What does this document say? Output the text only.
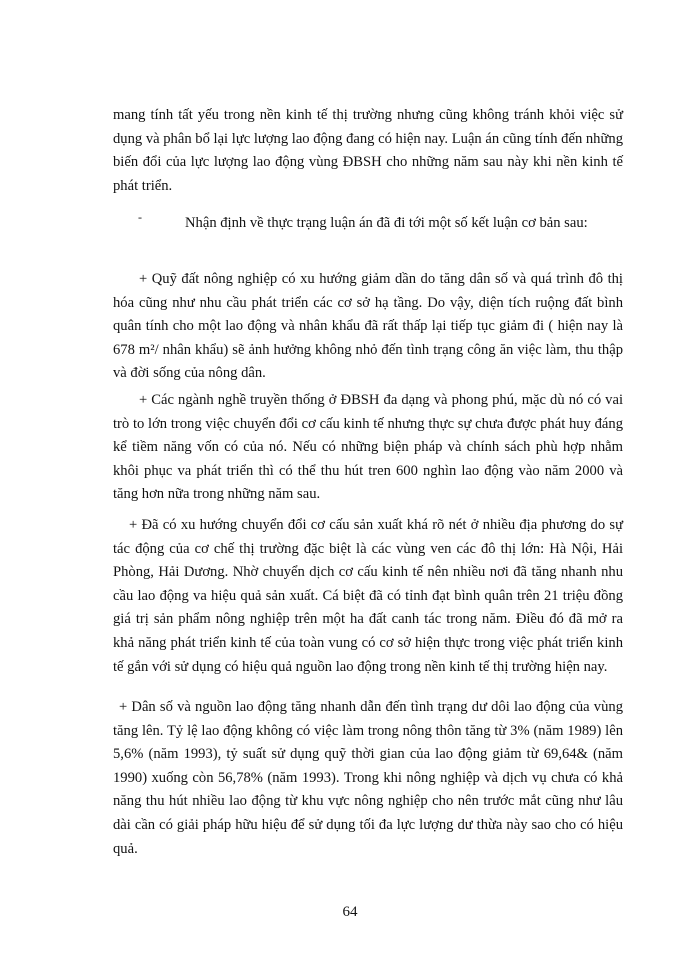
mang tính tất yếu trong nền kinh tế thị trường nhưng cũng không tránh khỏi việc sử dụng và phân bổ lại lực lượng lao động đang có hiện nay. Luận án cũng tính đến những biến đổi của lực lượng lao động vùng ĐBSH cho những năm sau này khi nền kinh tế phát triển.

-	Nhận định về thực trạng luận án đã đi tới một số kết luận cơ bản sau:

+ Quỹ đất nông nghiệp có xu hướng giảm dần do tăng dân số và quá trình đô thị hóa cũng như nhu cầu phát triển các cơ sở hạ tầng. Do vậy, diện tích ruộng đất bình quân tính cho một lao động và nhân khẩu đã rất thấp lại tiếp tục giảm đi ( hiện nay là 678 m²/ nhân khẩu) sẽ ảnh hưởng không nhỏ đến tình trạng công ăn việc làm, thu thập và đời sống của nông dân.

+ Các ngành nghề truyền thống ở ĐBSH đa dạng và phong phú, mặc dù nó có vai trò to lớn trong việc chuyển đổi cơ cấu kinh tế nhưng thực sự chưa được phát huy đáng kể tiềm năng vốn có của nó. Nếu có những biện pháp và chính sách phù hợp nhằm khôi phục va phát triển thì có thể thu hút tren 600 nghìn lao động vào năm 2000 và tăng hơn nữa trong những năm sau.

+ Đã có xu hướng chuyển đổi cơ cấu sản xuất khá rõ nét ở nhiều địa phương do sự tác động của cơ chế thị trường đặc biệt là các vùng ven các đô thị lớn: Hà Nội, Hải Phòng, Hải Dương. Nhờ chuyển dịch cơ cấu kinh tế nên nhiều nơi đã tăng nhanh nhu cầu lao động va hiệu quả sản xuất. Cá biệt đã có tỉnh đạt bình quân trên 21 triệu đồng giá trị sản phẩm nông nghiệp trên một ha đất canh tác trong năm. Điều đó đã mở ra khả năng phát triển kinh tế của toàn vung có cơ sở hiện thực trong việc phát triển kinh tế gắn với sử dụng có hiệu quả nguồn lao động trong nền kinh tế thị trường hiện nay.

+ Dân số và nguồn lao động tăng nhanh dẫn đến tình trạng dư dôi lao động của vùng tăng lên. Tỷ lệ lao động không có việc làm trong nông thôn tăng từ 3% (năm 1989) lên 5,6% (năm 1993), tỷ suất sử dụng quỹ thời gian của lao động giảm từ 69,64& (năm 1990) xuống còn 56,78% (năm 1993). Trong khi nông nghiệp và dịch vụ chưa có khả năng thu hút nhiều lao động từ khu vực nông nghiệp cho nên trước mắt cũng như lâu dài cần có giải pháp hữu hiệu để sử dụng tối đa lực lượng dư thừa này sao cho có hiệu quả.

64
